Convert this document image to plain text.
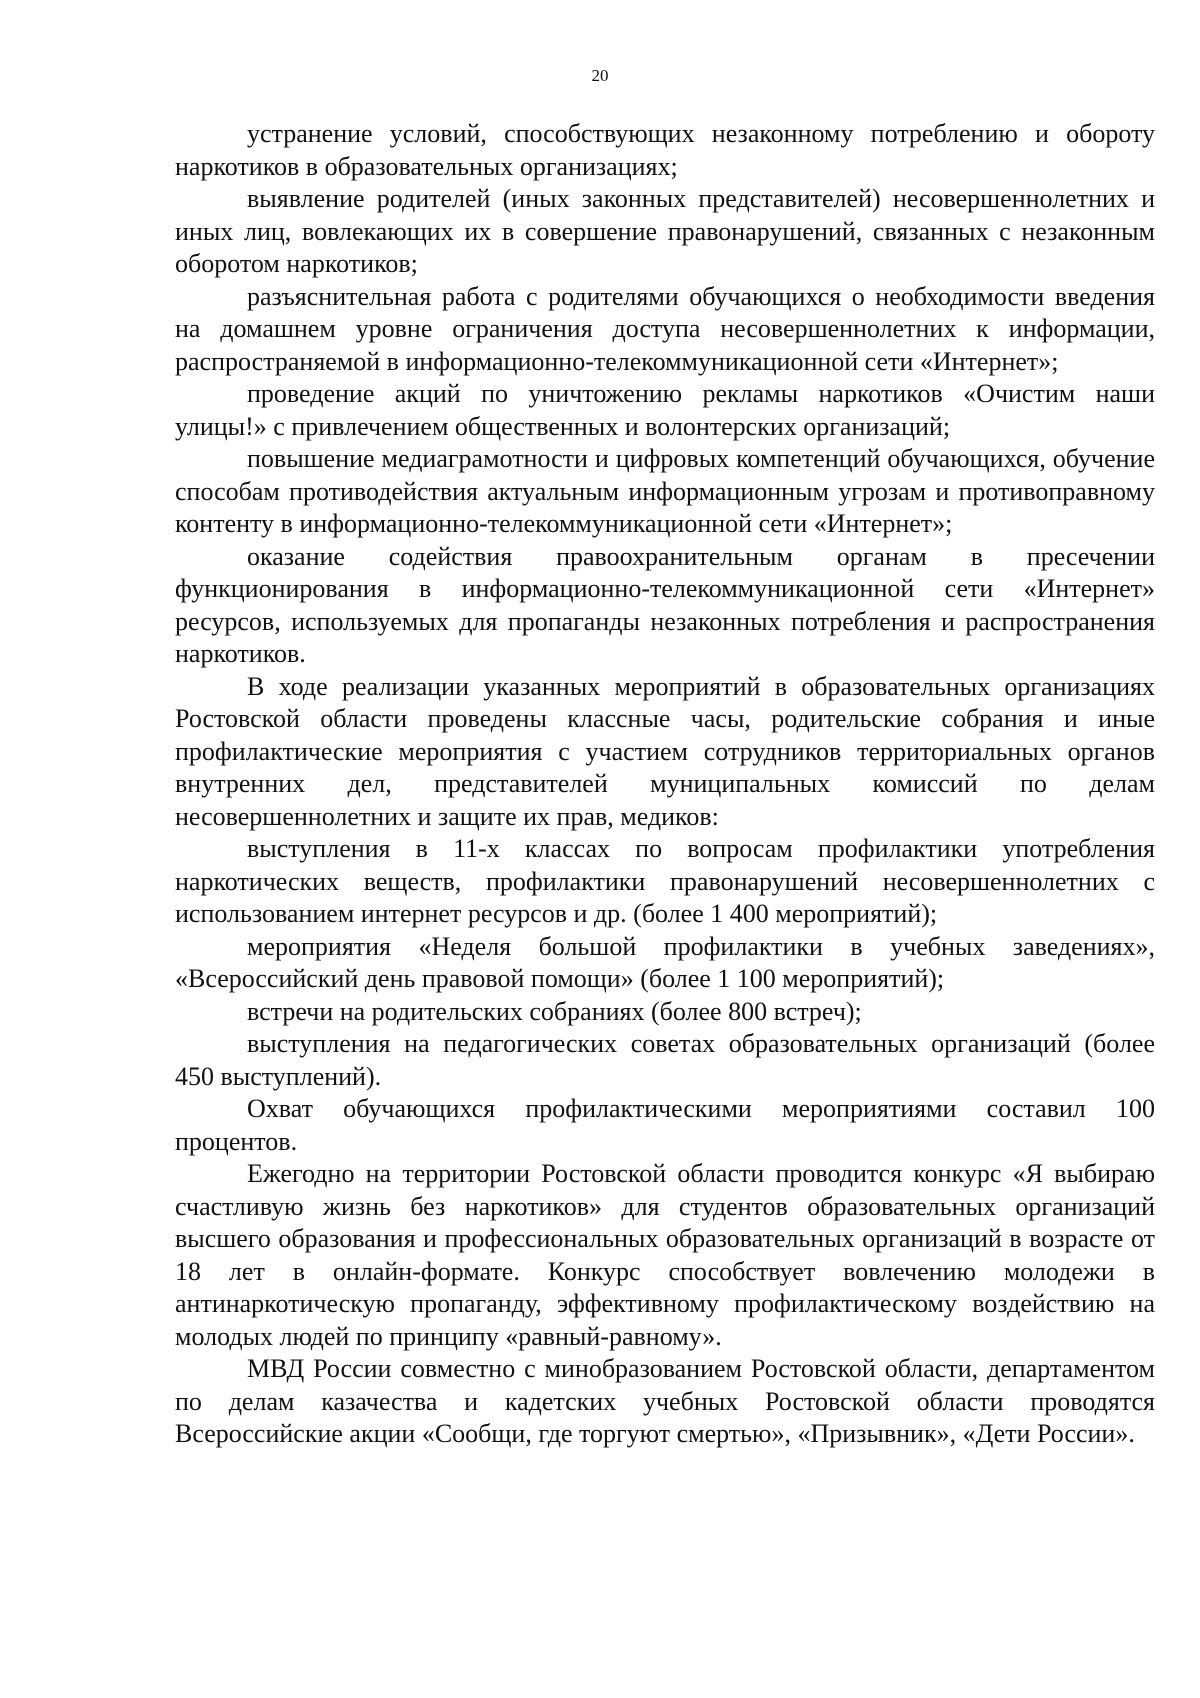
20

устранение условий, способствующих незаконному потреблению и обороту наркотиков в образовательных организациях;

выявление родителей (иных законных представителей) несовершеннолетних и иных лиц, вовлекающих их в совершение правонарушений, связанных с незаконным оборотом наркотиков;

разъяснительная работа с родителями обучающихся о необходимости введения на домашнем уровне ограничения доступа несовершеннолетних к информации, распространяемой в информационно-телекоммуникационной сети «Интернет»;

проведение акций по уничтожению рекламы наркотиков «Очистим наши улицы!» с привлечением общественных и волонтерских организаций;

повышение медиаграмотности и цифровых компетенций обучающихся, обучение способам противодействия актуальным информационным угрозам и противоправному контенту в информационно-телекоммуникационной сети «Интернет»;

оказание содействия правоохранительным органам в пресечении функционирования в информационно-телекоммуникационной сети «Интернет» ресурсов, используемых для пропаганды незаконных потребления и распространения наркотиков.

В ходе реализации указанных мероприятий в образовательных организациях Ростовской области проведены классные часы, родительские собрания и иные профилактические мероприятия с участием сотрудников территориальных органов внутренних дел, представителей муниципальных комиссий по делам несовершеннолетних и защите их прав, медиков:

выступления в 11-х классах по вопросам профилактики употребления наркотических веществ, профилактики правонарушений несовершеннолетних с использованием интернет ресурсов и др. (более 1 400 мероприятий);

мероприятия «Неделя большой профилактики в учебных заведениях», «Всероссийский день правовой помощи» (более 1 100 мероприятий);

встречи на родительских собраниях (более 800 встреч);

выступления на педагогических советах образовательных организаций (более 450 выступлений).

Охват обучающихся профилактическими мероприятиями составил 100 процентов.

Ежегодно на территории Ростовской области проводится конкурс «Я выбираю счастливую жизнь без наркотиков» для студентов образовательных организаций высшего образования и профессиональных образовательных организаций в возрасте от 18 лет в онлайн-формате. Конкурс способствует вовлечению молодежи в антинаркотическую пропаганду, эффективному профилактическому воздействию на молодых людей по принципу «равный-равному».

МВД России совместно с минобразованием Ростовской области, департаментом по делам казачества и кадетских учебных Ростовской области проводятся Всероссийские акции «Сообщи, где торгуют смертью», «Призывник», «Дети России».
